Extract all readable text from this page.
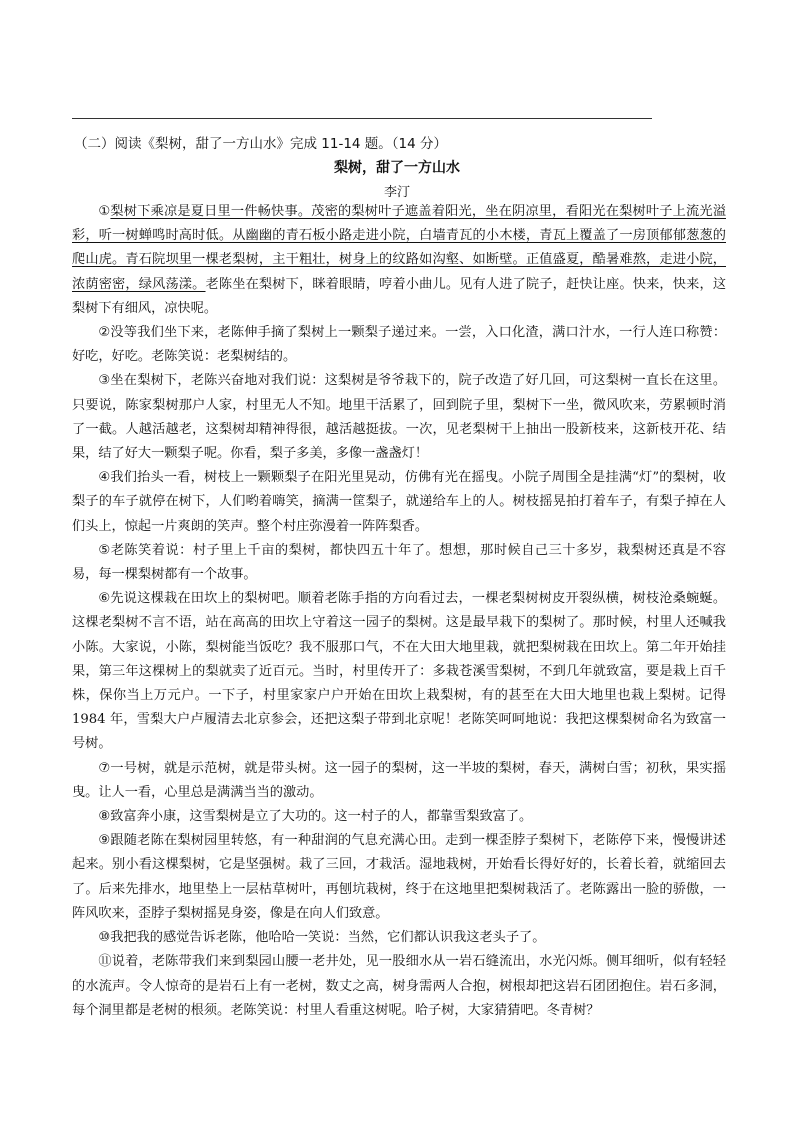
（二）阅读《梨树，甜了一方山水》完成 11-14 题。（14 分）
梨树，甜了一方山水
李汀

①梨树下乘凉是夏日里一件畅快事。茂密的梨树叶子遮盖着阳光，坐在阴凉里，看阳光在梨树叶子上流光溢彩，听一树蝉鸣时高时低。从幽幽的青石板小路走进小院，白墙青瓦的小木楼，青瓦上覆盖了一房顶郁郁葱葱的爬山虎。青石院坝里一棵老梨树，主干粗壮，树身上的纹路如沟壑、如断壁。正值盛夏，酷暑难熬，走进小院，浓荫密密，绿风荡漾。老陈坐在梨树下，眯着眼睛，哼着小曲儿。见有人进了院子，赶快让座。快来，快来，这梨树下有细风，凉快呢。

②没等我们坐下来，老陈伸手摘了梨树上一颗梨子递过来。一尝，入口化渣，满口汁水，一行人连口称赞：好吃，好吃。老陈笑说：老梨树结的。

③坐在梨树下，老陈兴奋地对我们说：这梨树是爷爷栽下的，院子改造了好几回，可这梨树一直长在这里。只要说，陈家梨树那户人家，村里无人不知。地里干活累了，回到院子里，梨树下一坐，微风吹来，劳累顿时消了一截。人越活越老，这梨树却精神得很，越活越挺拔。一次，见老梨树干上抽出一股新枝来，这新枝开花、结果，结了好大一颗梨子呢。你看，梨子多美，多像一盏盏灯！

④我们抬头一看，树枝上一颗颗梨子在阳光里晃动，仿佛有光在摇曳。小院子周围全是挂满“灯”的梨树，收梨子的车子就停在树下，人们哟着嗨笑，摘满一筐梨子，就递给车上的人。树枝摇晃拍打着车子，有梨子掉在人们头上，惊起一片爽朗的笑声。整个村庄弥漫着一阵阵梨香。

⑤老陈笑着说：村子里上千亩的梨树，都快四五十年了。想想，那时候自己三十多岁，栽梨树还真是不容易，每一棵梨树都有一个故事。

⑥先说这棵栽在田坎上的梨树吧。顺着老陈手指的方向看过去，一棵老梨树树皮开裂纵横，树枝沧桑蜿蜒。这棵老梨树不言不语，站在高高的田坎上守着这一园子的梨树。这是最早栽下的梨树了。那时候，村里人还喊我小陈。大家说，小陈，梨树能当饭吃？我不服那口气，不在大田大地里栽，就把梨树栽在田坎上。第二年开始挂果，第三年这棵树上的梨就卖了近百元。当时，村里传开了：多栽苍溪雪梨树，不到几年就致富，要是栽上百千株，保你当上万元户。一下子，村里家家户户开始在田坎上栽梨树，有的甚至在大田大地里也栽上梨树。记得 1984 年，雪梨大户卢履清去北京参会，还把这梨子带到北京呢！老陈笑呵呵地说：我把这棵梨树命名为致富一号树。

⑦一号树，就是示范树，就是带头树。这一园子的梨树，这一半坡的梨树，春天，满树白雪；初秋，果实摇曳。让人一看，心里总是满满当当的激动。

⑧致富奔小康，这雪梨树是立了大功的。这一村子的人，都靠雪梨致富了。

⑨跟随老陈在梨树园里转悠，有一种甜润的气息充满心田。走到一棵歪脖子梨树下，老陈停下来，慢慢讲述起来。别小看这棵梨树，它是坚强树。栽了三回，才栽活。湿地栽树，开始看长得好好的，长着长着，就缩回去了。后来先排水，地里垫上一层枯草树叶，再刨坑栽树，终于在这地里把梨树栽活了。老陈露出一脸的骄傲，一阵风吹来，歪脖子梨树摇晃身姿，像是在向人们致意。

⑩我把我的感觉告诉老陈，他哈哈一笑说：当然，它们都认识我这老头子了。

⑪说着，老陈带我们来到梨园山腰一老井处，见一股细水从一岩石缝流出，水光闪烁。侧耳细听，似有轻轻的水流声。令人惊奇的是岩石上有一老树，数丈之高，树身需两人合抱，树根却把这岩石团团抱住。岩石多洞，每个洞里都是老树的根须。老陈笑说：村里人看重这树呢。哈子树，大家猜猜吧。冬青树？
